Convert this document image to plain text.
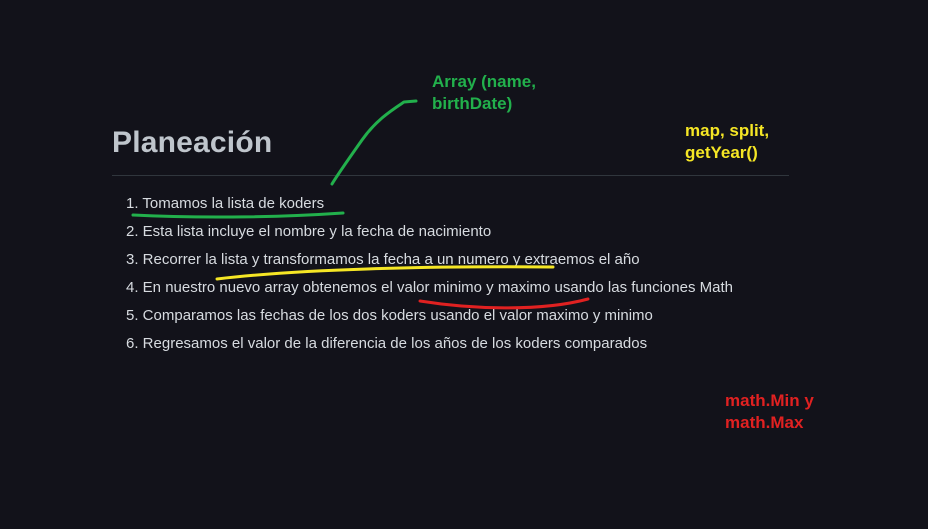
Planeación
1. Tomamos la lista de koders
2. Esta lista incluye el nombre y la fecha de nacimiento
3. Recorrer la lista y transformamos la fecha a un numero y extraemos el año
4. En nuestro nuevo array obtenemos el valor minimo y maximo usando las funciones Math
5. Comparamos las fechas de los dos koders usando el valor maximo y minimo
6. Regresamos el valor de la diferencia de los años de los koders comparados

Array (name,
birthDate)

map, split,
getYear()

math.Min y
math.Max
